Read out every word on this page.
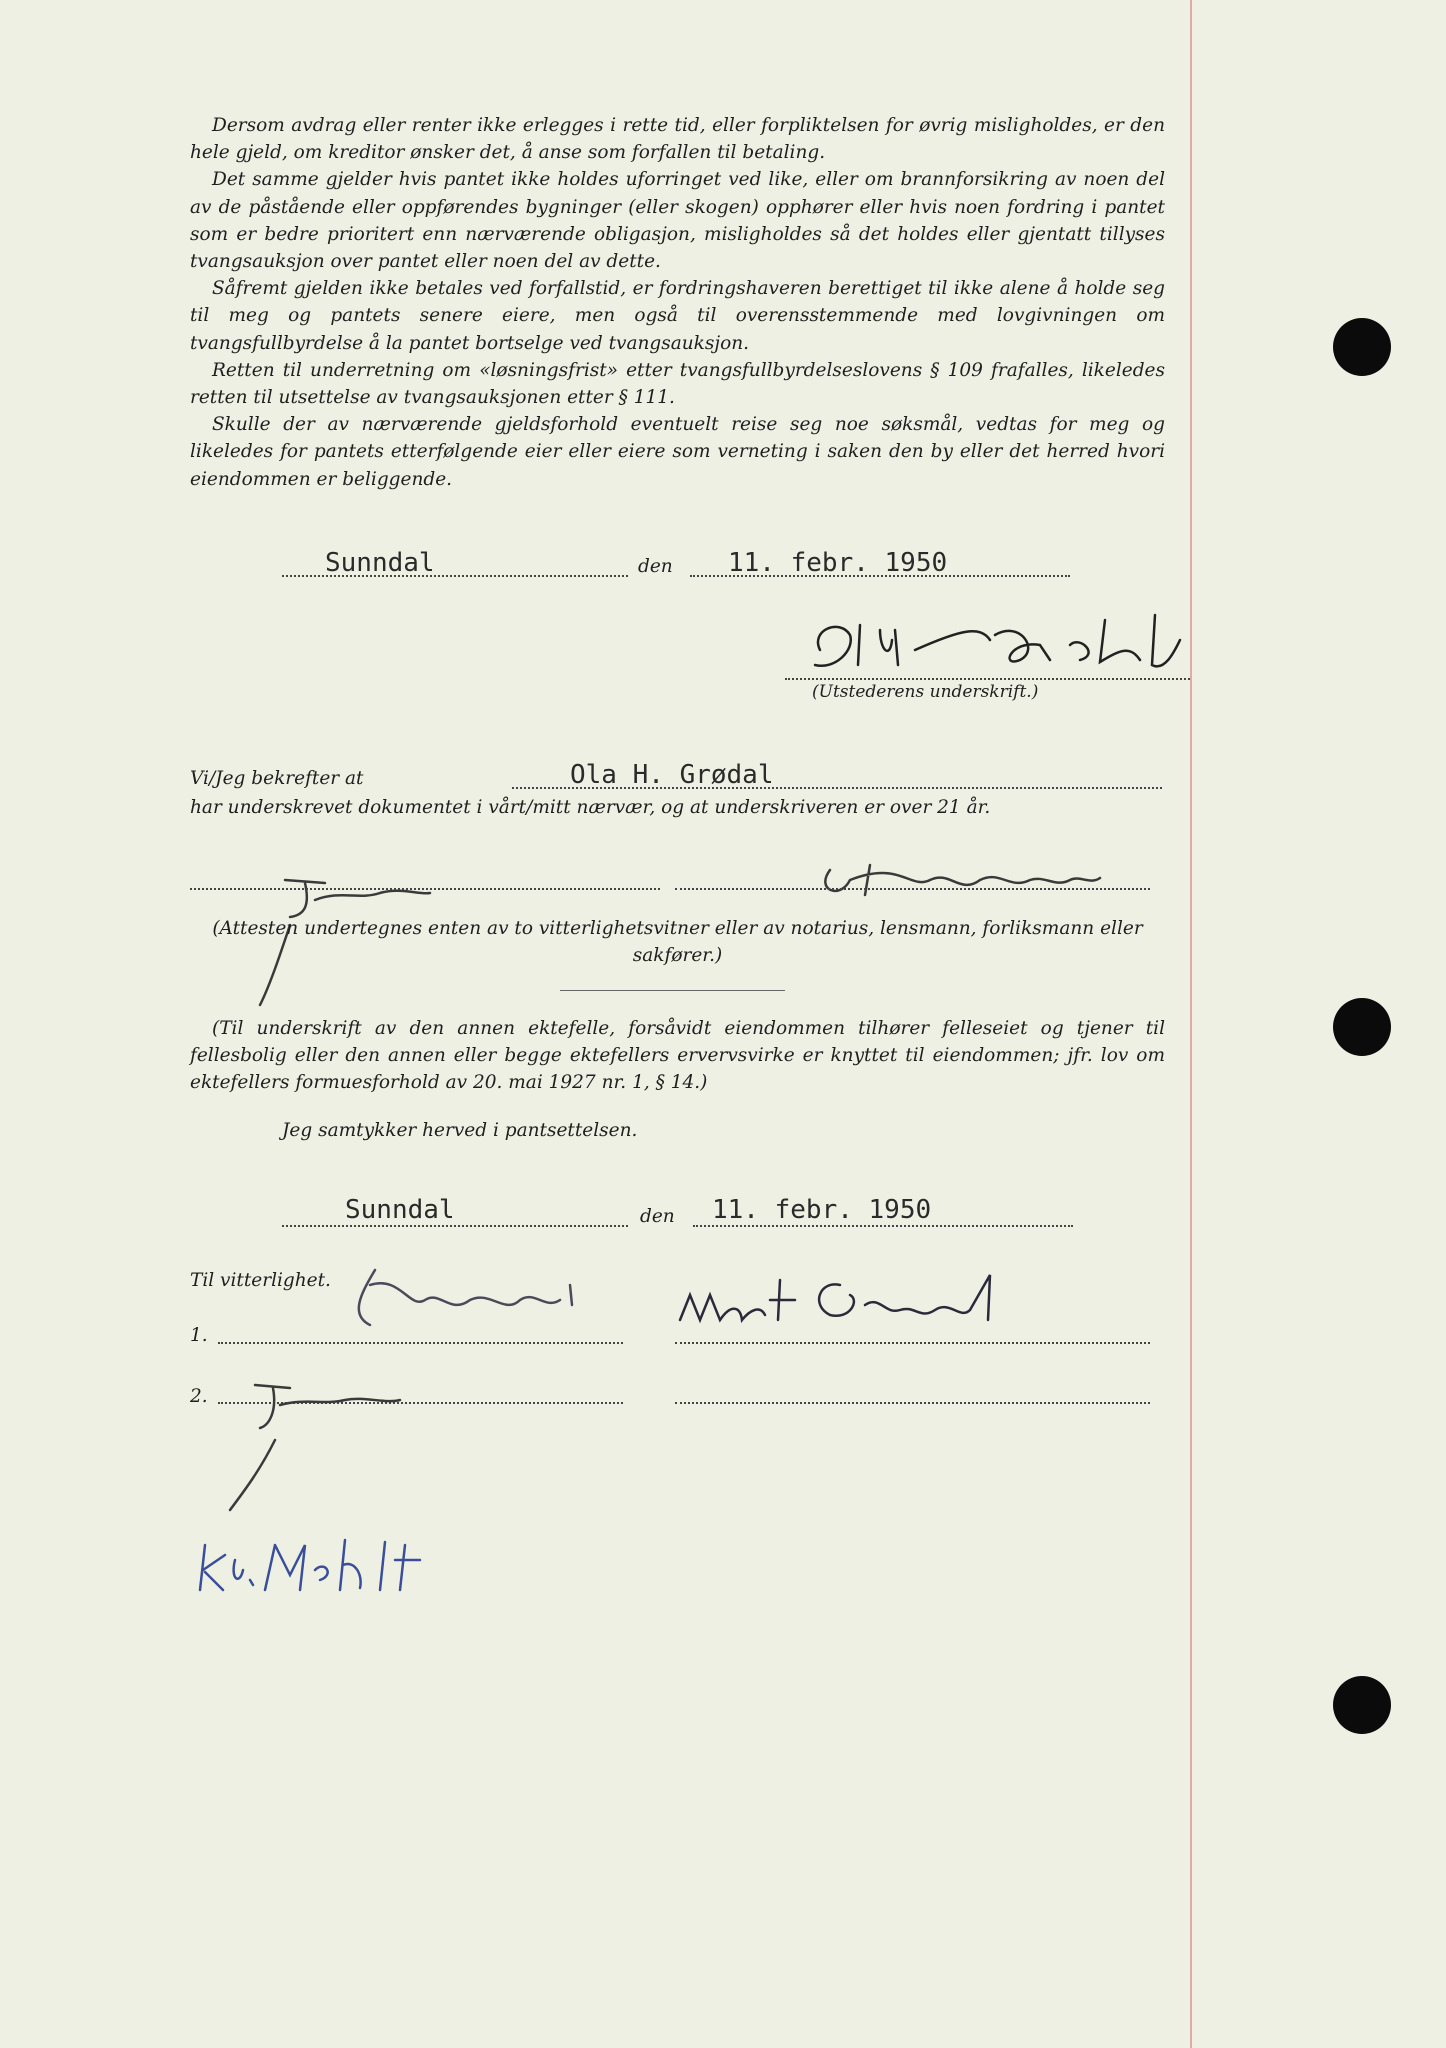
Dersom avdrag eller renter ikke erlegges i rette tid, eller forpliktelsen for øvrig misligholdes, er den hele gjeld, om kreditor ønsker det, å anse som forfallen til betaling.

Det samme gjelder hvis pantet ikke holdes uforringet ved like, eller om brannforsikring av noen del av de påstående eller oppførendes bygninger (eller skogen) opphører eller hvis noen fordring i pantet som er bedre prioritert enn nærværende obligasjon, misligholdes så det holdes eller gjentatt tillyses tvangsauksjon over pantet eller noen del av dette.

Såfremt gjelden ikke betales ved forfallstid, er fordringshaveren berettiget til ikke alene å holde seg til meg og pantets senere eiere, men også til overensstemmende med lovgivningen om tvangsfullbyrdelse å la pantet bortselge ved tvangsauksjon.

Retten til underretning om «løsningsfrist» etter tvangsfullbyrdelseslovens § 109 frafalles, likeledes retten til utsettelse av tvangsauksjonen etter § 111.

Skulle der av nærværende gjeldsforhold eventuelt reise seg noe søksmål, vedtas for meg og likeledes for pantets etterfølgende eier eller eiere som verneting i saken den by eller det herred hvori eiendommen er beliggende.

Sunndal	den 11. febr. 1950
(Utstederens underskrift.)
Vi/Jeg bekrefter at	Ola H. Grødal
har underskrevet dokumentet i vårt/mitt nærvær, og at underskriveren er over 21 år.
(Attesten undertegnes enten av to vitterlighetsvitner eller av notarius, lensmann, forliksmann eller sakfører.)

(Til underskrift av den annen ektefelle, forsåvidt eiendommen tilhører felleseiet og tjener til fellesbolig eller den annen eller begge ektefellers ervervsvirke er knyttet til eiendommen; jfr. lov om ektefellers formuesforhold av 20. mai 1927 nr. 1, § 14.)

Jeg samtykker herved i pantsettelsen.
Sunndal	den 11. febr. 1950
Til vitterlighet.
1.
2.
